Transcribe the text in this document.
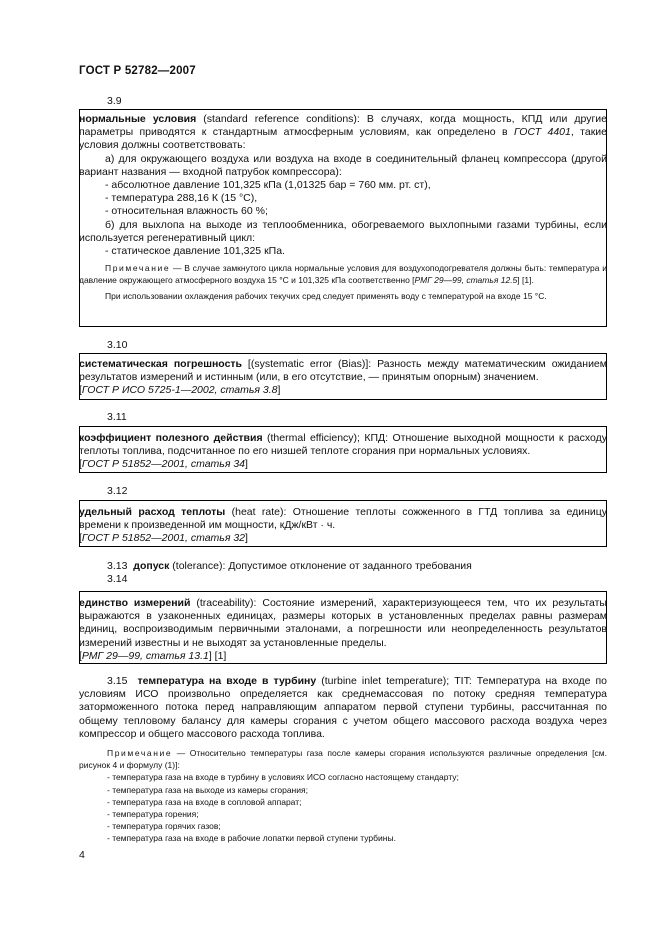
ГОСТ Р 52782—2007
3.9
нормальные условия (standard reference conditions): В случаях, когда мощность, КПД или другие параметры приводятся к стандартным атмосферным условиям, как определено в ГОСТ 4401, такие условия должны соответствовать:
а) для окружающего воздуха или воздуха на входе в соединительный фланец компрессора (другой вариант названия — входной патрубок компрессора):
- абсолютное давление 101,325 кПа (1,01325 бар = 760 мм. рт. ст),
- температура 288,16 К (15 °С),
- относительная влажность 60 %;
б) для выхлопа на выходе из теплообменника, обогреваемого выхлопными газами турбины, если используется регенеративный цикл:
- статическое давление 101,325 кПа.
Примечание — В случае замкнутого цикла нормальные условия для воздухоподогревателя должны быть: температура и давление окружающего атмосферного воздуха 15 °С и 101,325 кПа соответственно [РМГ 29—99, статья 12.5] [1].
При использовании охлаждения рабочих текучих сред следует применять воду с температурой на входе 15 °С.
3.10
систематическая погрешность [(systematic error (Bias)]: Разность между математическим ожиданием результатов измерений и истинным (или, в его отсутствие, — принятым опорным) значением.
[ГОСТ Р ИСО 5725-1—2002, статья 3.8]
3.11
коэффициент полезного действия (thermal efficiency); КПД: Отношение выходной мощности к расходу теплоты топлива, подсчитанное по его низшей теплоте сгорания при нормальных условиях.
[ГОСТ Р 51852—2001, статья 34]
3.12
удельный расход теплоты (heat rate): Отношение теплоты сожженного в ГТД топлива за единицу времени к произведенной им мощности, кДж/кВт · ч.
[ГОСТ Р 51852—2001, статья 32]
3.13 допуск (tolerance): Допустимое отклонение от заданного требования
3.14
единство измерений (traceability): Состояние измерений, характеризующееся тем, что их результаты выражаются в узаконенных единицах, размеры которых в установленных пределах равны размерам единиц, воспроизводимым первичными эталонами, а погрешности или неопределенность результатов измерений известны и не выходят за установленные пределы.
[РМГ 29—99, статья 13.1] [1]
3.15 температура на входе в турбину (turbine inlet temperature); TIT: Температура на входе по условиям ИСО произвольно определяется как среднемассовая по потоку средняя температура заторможенного потока перед направляющим аппаратом первой ступени турбины, рассчитанная по общему тепловому балансу для камеры сгорания с учетом общего массового расхода воздуха через компрессор и общего массового расхода топлива.
Примечание — Относительно температуры газа после камеры сгорания используются различные определения [см. рисунок 4 и формулу (1)]:
- температура газа на входе в турбину в условиях ИСО согласно настоящему стандарту;
- температура газа на выходе из камеры сгорания;
- температура газа на входе в сопловой аппарат;
- температура горения;
- температура горячих газов;
- температура газа на входе в рабочие лопатки первой ступени турбины.
4
